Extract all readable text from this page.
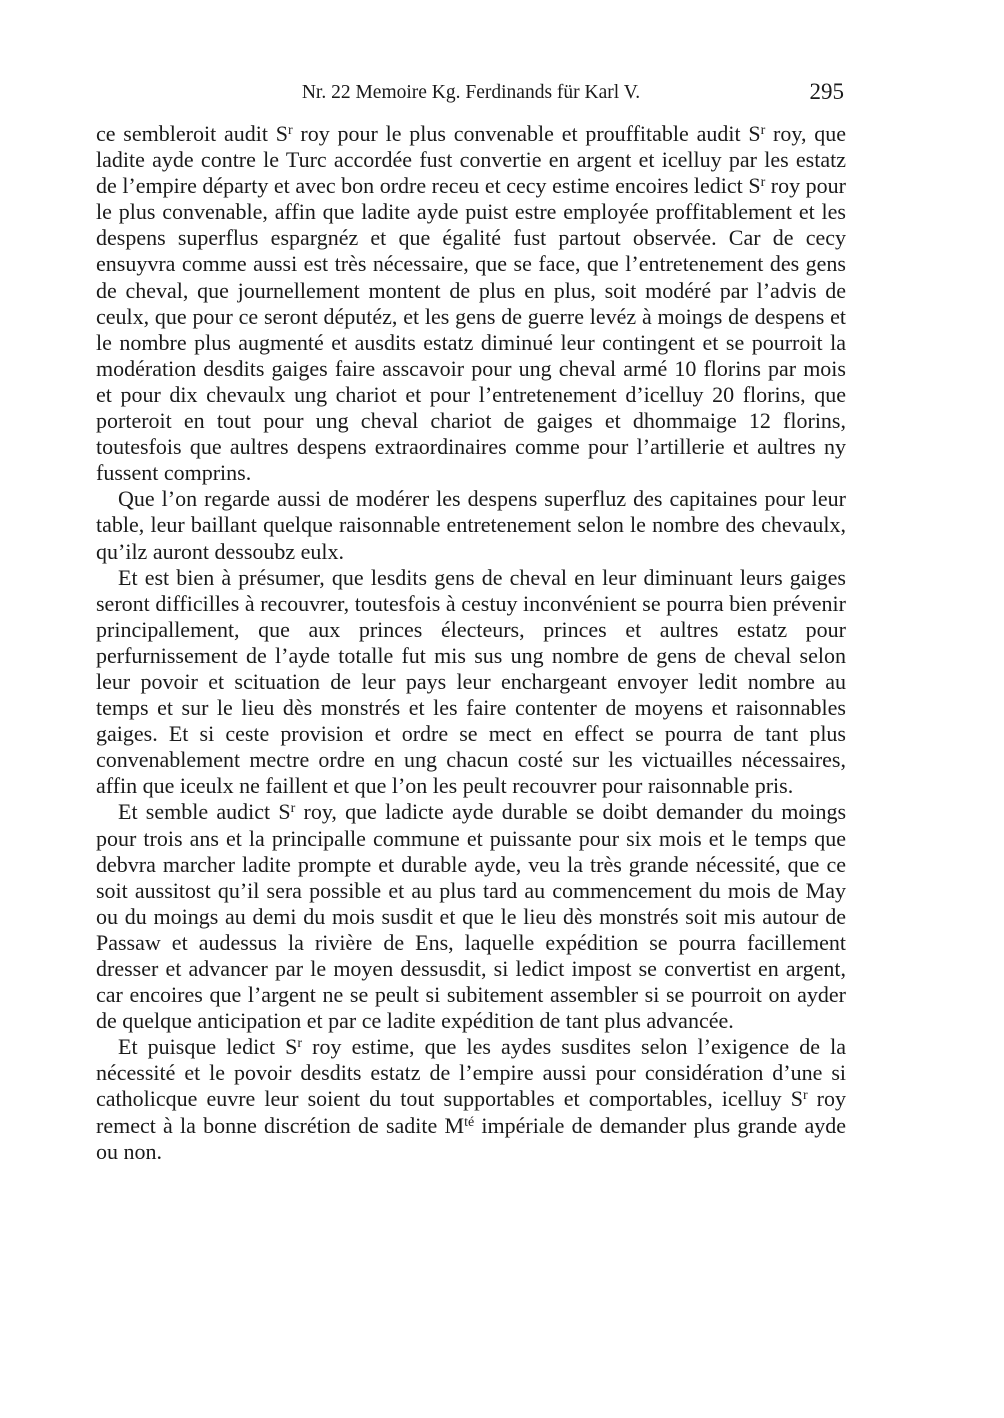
Nr. 22 Memoire Kg. Ferdinands für Karl V.	295

ce sembleroit audit $S^r$ roy pour le plus convenable et prouffitable audit $S^r$ roy, que ladite ayde contre le Turc accordée fust convertie en argent et icelluy par les estatz de l’empire départy et avec bon ordre receu et cecy estime encoires ledict $S^r$ roy pour le plus convenable, affin que ladite ayde puist estre employée proffitablement et les despens superflus espargnéz et que égalité fust partout observée. Car de cecy ensuyvra comme aussi est très nécessaire, que se face, que l’entretenement des gens de cheval, que journellement montent de plus en plus, soit modéré par l’advis de ceulx, que pour ce seront députéz, et les gens de guerre levéz à moings de despens et le nombre plus augmenté et ausdits estatz diminué leur contingent et se pourroit la modération desdits gaiges faire asscavoir pour ung cheval armé 10 florins par mois et pour dix chevaulx ung chariot et pour l’entretenement d’icelluy 20 florins, que porteroit en tout pour ung cheval chariot de gaiges et dhommaige 12 florins, toutesfois que aultres despens extraordinaires comme pour l’artillerie et aultres ny fussent comprins.

Que l’on regarde aussi de modérer les despens superfluz des capitaines pour leur table, leur baillant quelque raisonnable entretenement selon le nombre des chevaulx, qu’ilz auront dessoubz eulx.

Et est bien à présumer, que lesdits gens de cheval en leur diminuant leurs gaiges seront difficilles à recouvrer, toutesfois à cestuy inconvénient se pourra bien prévenir principallement, que aux princes électeurs, princes et aultres estatz pour perfurnissement de l’ayde totalle fut mis sus ung nombre de gens de cheval selon leur povoir et scituation de leur pays leur enchargeant envoyer ledit nombre au temps et sur le lieu dès monstrés et les faire contenter de moyens et raisonnables gaiges. Et si ceste provision et ordre se mect en effect se pourra de tant plus convenablement mectre ordre en ung chacun costé sur les victuailles nécessaires, affin que iceulx ne faillent et que l’on les peult recouvrer pour raisonnable pris.

Et semble audict $S^r$ roy, que ladicte ayde durable se doibt demander du moings pour trois ans et la principalle commune et puissante pour six mois et le temps que debvra marcher ladite prompte et durable ayde, veu la très grande nécessité, que ce soit aussitost qu’il sera possible et au plus tard au commencement du mois de May ou du moings au demi du mois susdit et que le lieu dès monstrés soit mis autour de Passaw et audessus la rivière de Ens, laquelle expédition se pourra facillement dresser et advancer par le moyen dessusdit, si ledict impost se convertist en argent, car encoires que l’argent ne se peult si subitement assembler si se pourroit on ayder de quelque anticipation et par ce ladite expédition de tant plus advancée.

Et puisque ledict $S^r$ roy estime, que les aydes susdites selon l’exigence de la nécessité et le povoir desdits estatz de l’empire aussi pour considération d’une si catholicque euvre leur soient du tout supportables et comportables, icelluy $S^r$ roy remect à la bonne discrétion de sadite $M^{té}$ impériale de demander plus grande ayde ou non.
